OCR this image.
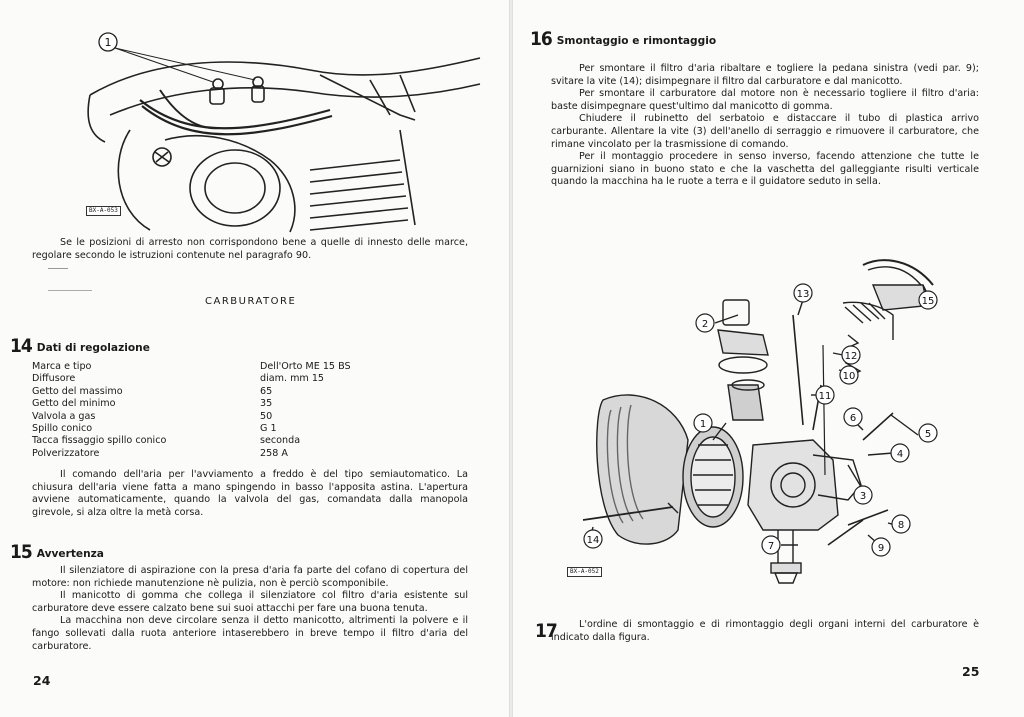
1
BX-A-053

Se le posizioni di arresto non corrispondono bene a quelle di innesto delle marce, regolare secondo le istruzioni contenute nel paragrafo 90.

CARBURATORE
14 Dati di regolazione
Marca e tipo	Dell'Orto ME 15 BS
Diffusore	diam. mm 15
Getto del massimo	65
Getto del minimo	35
Valvola a gas	50
Spillo conico	G 1
Tacca fissaggio spillo conico	seconda
Polverizzatore	258 A

Il comando dell'aria per l'avviamento a freddo è del tipo semiautomatico. La chiusura dell'aria viene fatta a mano spingendo in basso l'apposita astina. L'apertura avviene automaticamente, quando la valvola del gas, comandata dalla manopola girevole, si alza oltre la metà corsa.

15 Avvertenza

Il silenziatore di aspirazione con la presa d'aria fa parte del cofano di copertura del motore: non richiede manutenzione nè pulizia, non è perciò scomponibile.

Il manicotto di gomma che collega il silenziatore col filtro d'aria esistente sul carburatore deve essere calzato bene sui suoi attacchi per fare una buona tenuta.

La macchina non deve circolare senza il detto manicotto, altrimenti la polvere e il fango sollevati dalla ruota anteriore intaserebbero in breve tempo il filtro d'aria del carburatore.

24
16 Smontaggio e rimontaggio

Per smontare il filtro d'aria ribaltare e togliere la pedana sinistra (vedi par. 9); svitare la vite (14); disimpegnare il filtro dal carburatore e dal manicotto.

Per smontare il carburatore dal motore non è necessario togliere il filtro d'aria: baste disimpegnare quest'ultimo dal manicotto di gomma.

Chiudere il rubinetto del serbatoio e distaccare il tubo di plastica arrivo carburante. Allentare la vite (3) dell'anello di serraggio e rimuovere il carburatore, che rimane vincolato per la trasmissione di comando.

Per il montaggio procedere in senso inverso, facendo attenzione che tutte le guarnizioni siano in buono stato e che la vaschetta del galleggiante risulti verticale quando la macchina ha le ruote a terra e il guidatore seduto in sella.

1
2
3
4
5
6
7
8
9
10
11
12
13
14
15
BX-A-052
17	L'ordine di smontaggio e di rimontaggio degli organi interni del carburatore è indicato dalla figura.

25
